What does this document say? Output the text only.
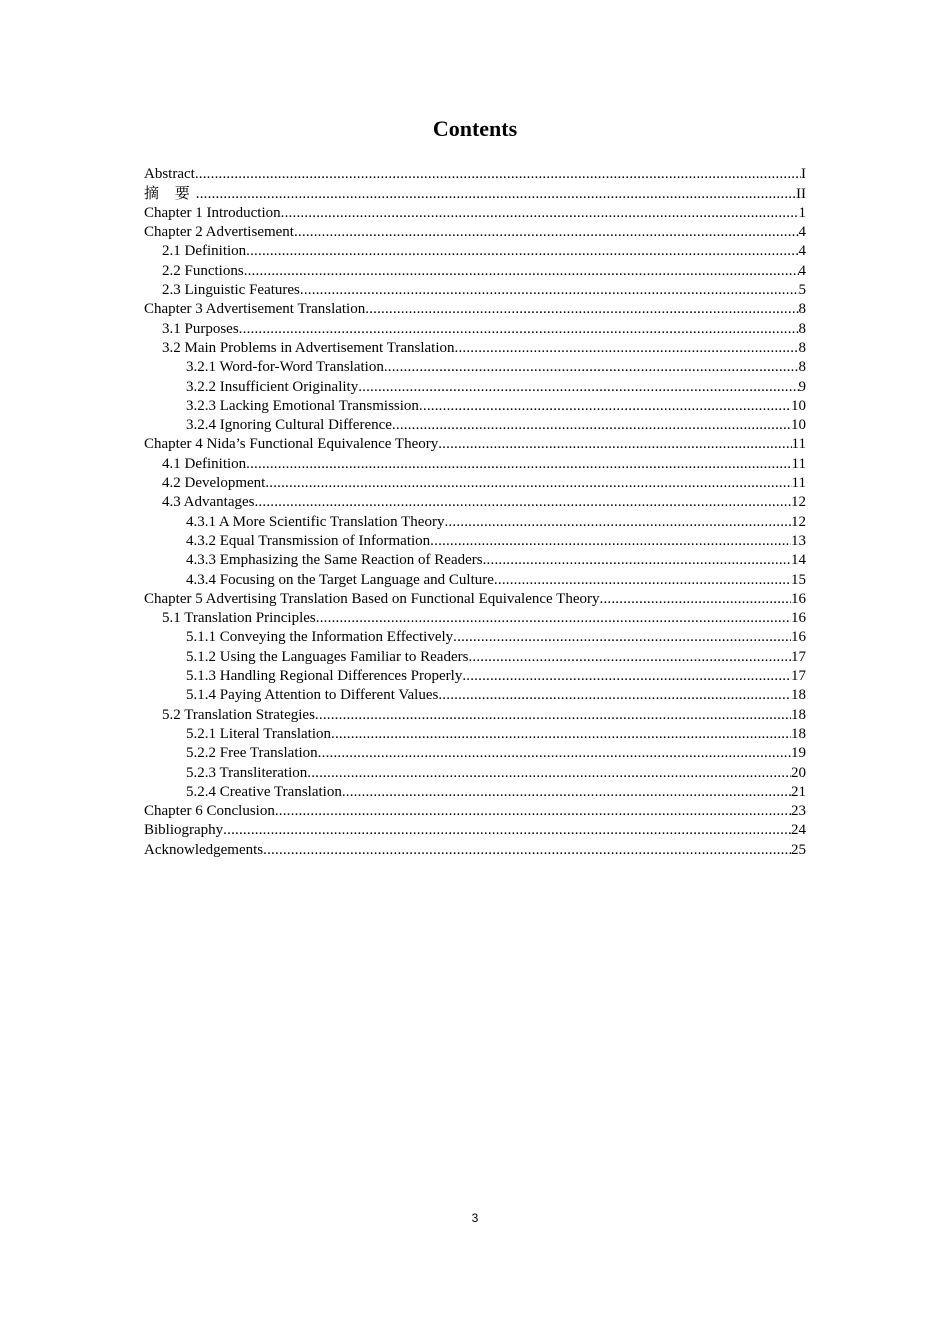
Contents
Abstract .....	I
摘 要 .....	II
Chapter 1 Introduction .....	1
Chapter 2 Advertisement .....	4
2.1 Definition .....	4
2.2 Functions .....	4
2.3 Linguistic Features .....	5
Chapter 3 Advertisement Translation .....	8
3.1 Purposes .....	8
3.2 Main Problems in Advertisement Translation .....	8
3.2.1 Word-for-Word Translation .....	8
3.2.2 Insufficient Originality .....	9
3.2.3 Lacking Emotional Transmission .....	10
3.2.4 Ignoring Cultural Difference .....	10
Chapter 4 Nida’s Functional Equivalence Theory .....	11
4.1 Definition .....	11
4.2 Development .....	11
4.3 Advantages .....	12
4.3.1 A More Scientific Translation Theory .....	12
4.3.2 Equal Transmission of Information .....	13
4.3.3 Emphasizing the Same Reaction of Readers .....	14
4.3.4 Focusing on the Target Language and Culture .....	15
Chapter 5 Advertising Translation Based on Functional Equivalence Theory .....	16
5.1 Translation Principles .....	16
5.1.1 Conveying the Information Effectively .....	16
5.1.2 Using the Languages Familiar to Readers .....	17
5.1.3 Handling Regional Differences Properly .....	17
5.1.4 Paying Attention to Different Values .....	18
5.2 Translation Strategies .....	18
5.2.1 Literal Translation .....	18
5.2.2 Free Translation .....	19
5.2.3 Transliteration .....	20
5.2.4 Creative Translation .....	21
Chapter 6 Conclusion .....	23
Bibliography .....	24
Acknowledgements .....	25
3
